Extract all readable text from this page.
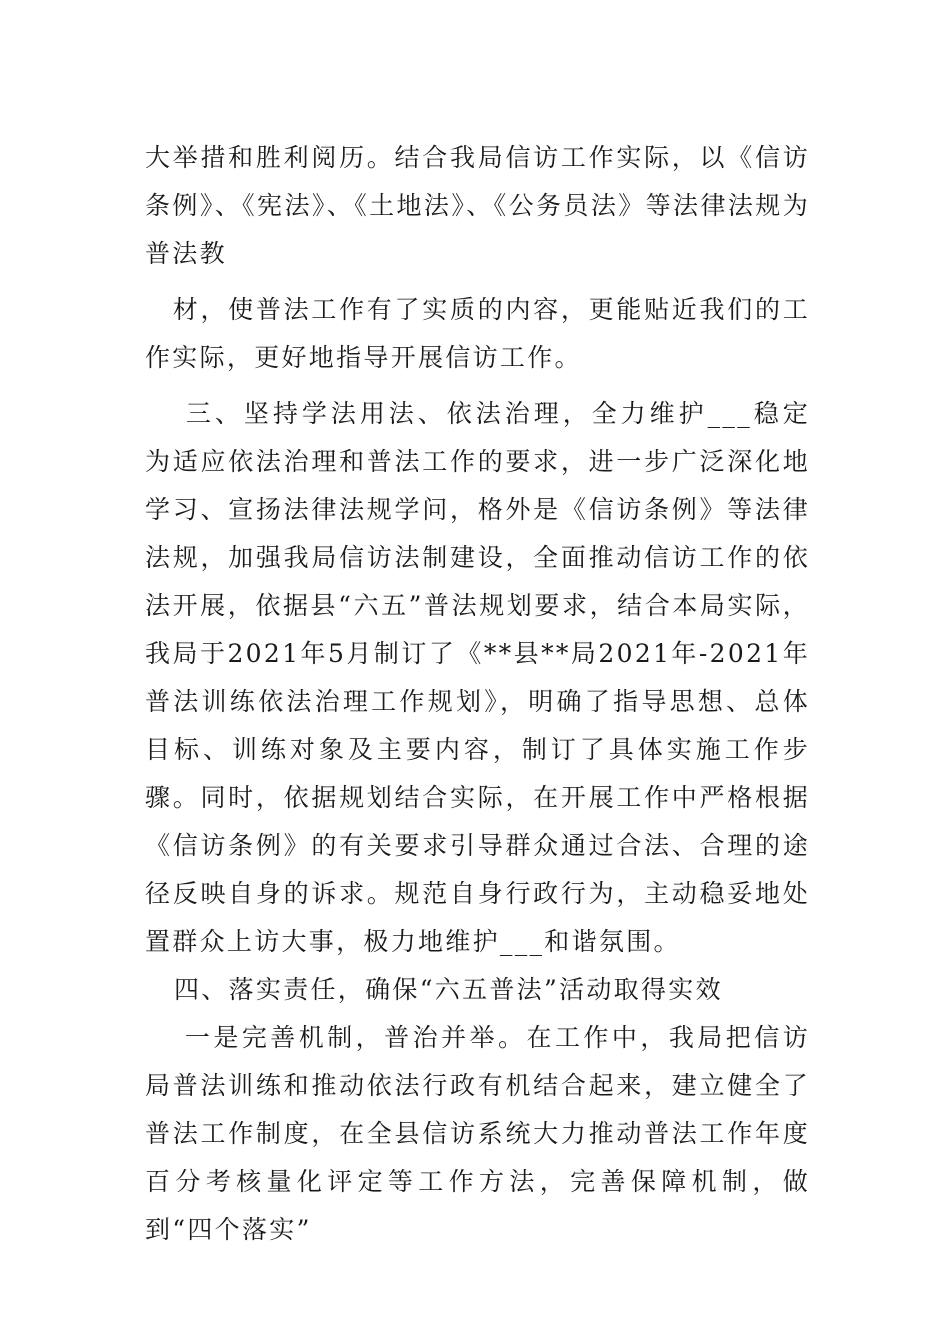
大举措和胜利阅历。结合我局信访工作实际，以《信访条例》、《宪法》、《土地法》、《公务员法》等法律法规为普法教

　材，使普法工作有了实质的内容，更能贴近我们的工作实际，更好地指导开展信访工作。

　 三、坚持学法用法、依法治理，全力维护___稳定 为适应依法治理和普法工作的要求，进一步广泛深化地学习、宣扬法律法规学问，格外是《信访条例》等法律法规，加强我局信访法制建设，全面推动信访工作的依法开展，依据县“六五”普法规划要求，结合本局实际，我局于2021年5月制订了《**县**局2021年-2021年普法训练依法治理工作规划》，明确了指导思想、总体目标、训练对象及主要内容，制订了具体实施工作步骤。同时，依据规划结合实际，在开展工作中严格根据《信访条例》的有关要求引导群众通过合法、合理的途径反映自身的诉求。规范自身行政行为，主动稳妥地处置群众上访大事，极力地维护___和谐氛围。

四、落实责任，确保“六五普法”活动取得实效

　 一是完善机制，普治并举。在工作中，我局把信访局普法训练和推动依法行政有机结合起来，建立健全了普法工作制度，在全县信访系统大力推动普法工作年度百分考核量化评定等工作方法，完善保障机制，做到“四个落实”
